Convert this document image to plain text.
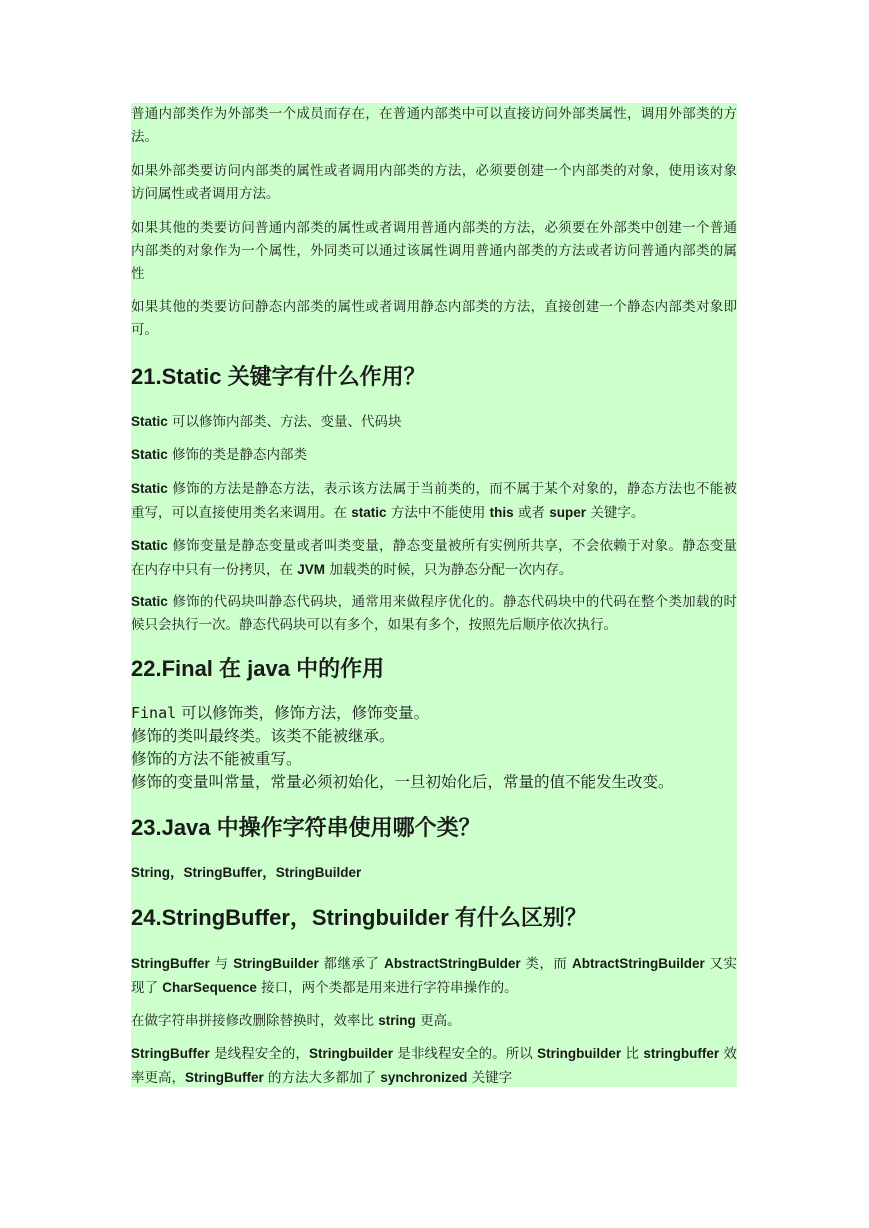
普通内部类作为外部类一个成员而存在，在普通内部类中可以直接访问外部类属性，调用外部类的方法。

如果外部类要访问内部类的属性或者调用内部类的方法，必须要创建一个内部类的对象，使用该对象访问属性或者调用方法。

如果其他的类要访问普通内部类的属性或者调用普通内部类的方法，必须要在外部类中创建一个普通内部类的对象作为一个属性，外同类可以通过该属性调用普通内部类的方法或者访问普通内部类的属性

如果其他的类要访问静态内部类的属性或者调用静态内部类的方法，直接创建一个静态内部类对象即可。

21.Static 关键字有什么作用？

Static 可以修饰内部类、方法、变量、代码块

Static 修饰的类是静态内部类

Static 修饰的方法是静态方法，表示该方法属于当前类的，而不属于某个对象的，静态方法也不能被重写，可以直接使用类名来调用。在 static 方法中不能使用 this 或者 super 关键字。

Static 修饰变量是静态变量或者叫类变量，静态变量被所有实例所共享，不会依赖于对象。静态变量在内存中只有一份拷贝，在 JVM 加载类的时候，只为静态分配一次内存。

Static 修饰的代码块叫静态代码块，通常用来做程序优化的。静态代码块中的代码在整个类加载的时候只会执行一次。静态代码块可以有多个，如果有多个，按照先后顺序依次执行。

22.Final 在 java 中的作用
Final 可以修饰类，修饰方法，修饰变量。
修饰的类叫最终类。该类不能被继承。
修饰的方法不能被重写。
修饰的变量叫常量，常量必须初始化，一旦初始化后，常量的值不能发生改变。
23.Java 中操作字符串使用哪个类？

String，StringBuffer，StringBuilder

24.StringBuffer，Stringbuilder 有什么区别？

StringBuffer 与 StringBuilder 都继承了 AbstractStringBulder 类，而 AbtractStringBuilder 又实现了 CharSequence 接口，两个类都是用来进行字符串操作的。

在做字符串拼接修改删除替换时，效率比 string 更高。

StringBuffer 是线程安全的，Stringbuilder 是非线程安全的。所以 Stringbuilder 比 stringbuffer 效率更高，StringBuffer 的方法大多都加了 synchronized 关键字
